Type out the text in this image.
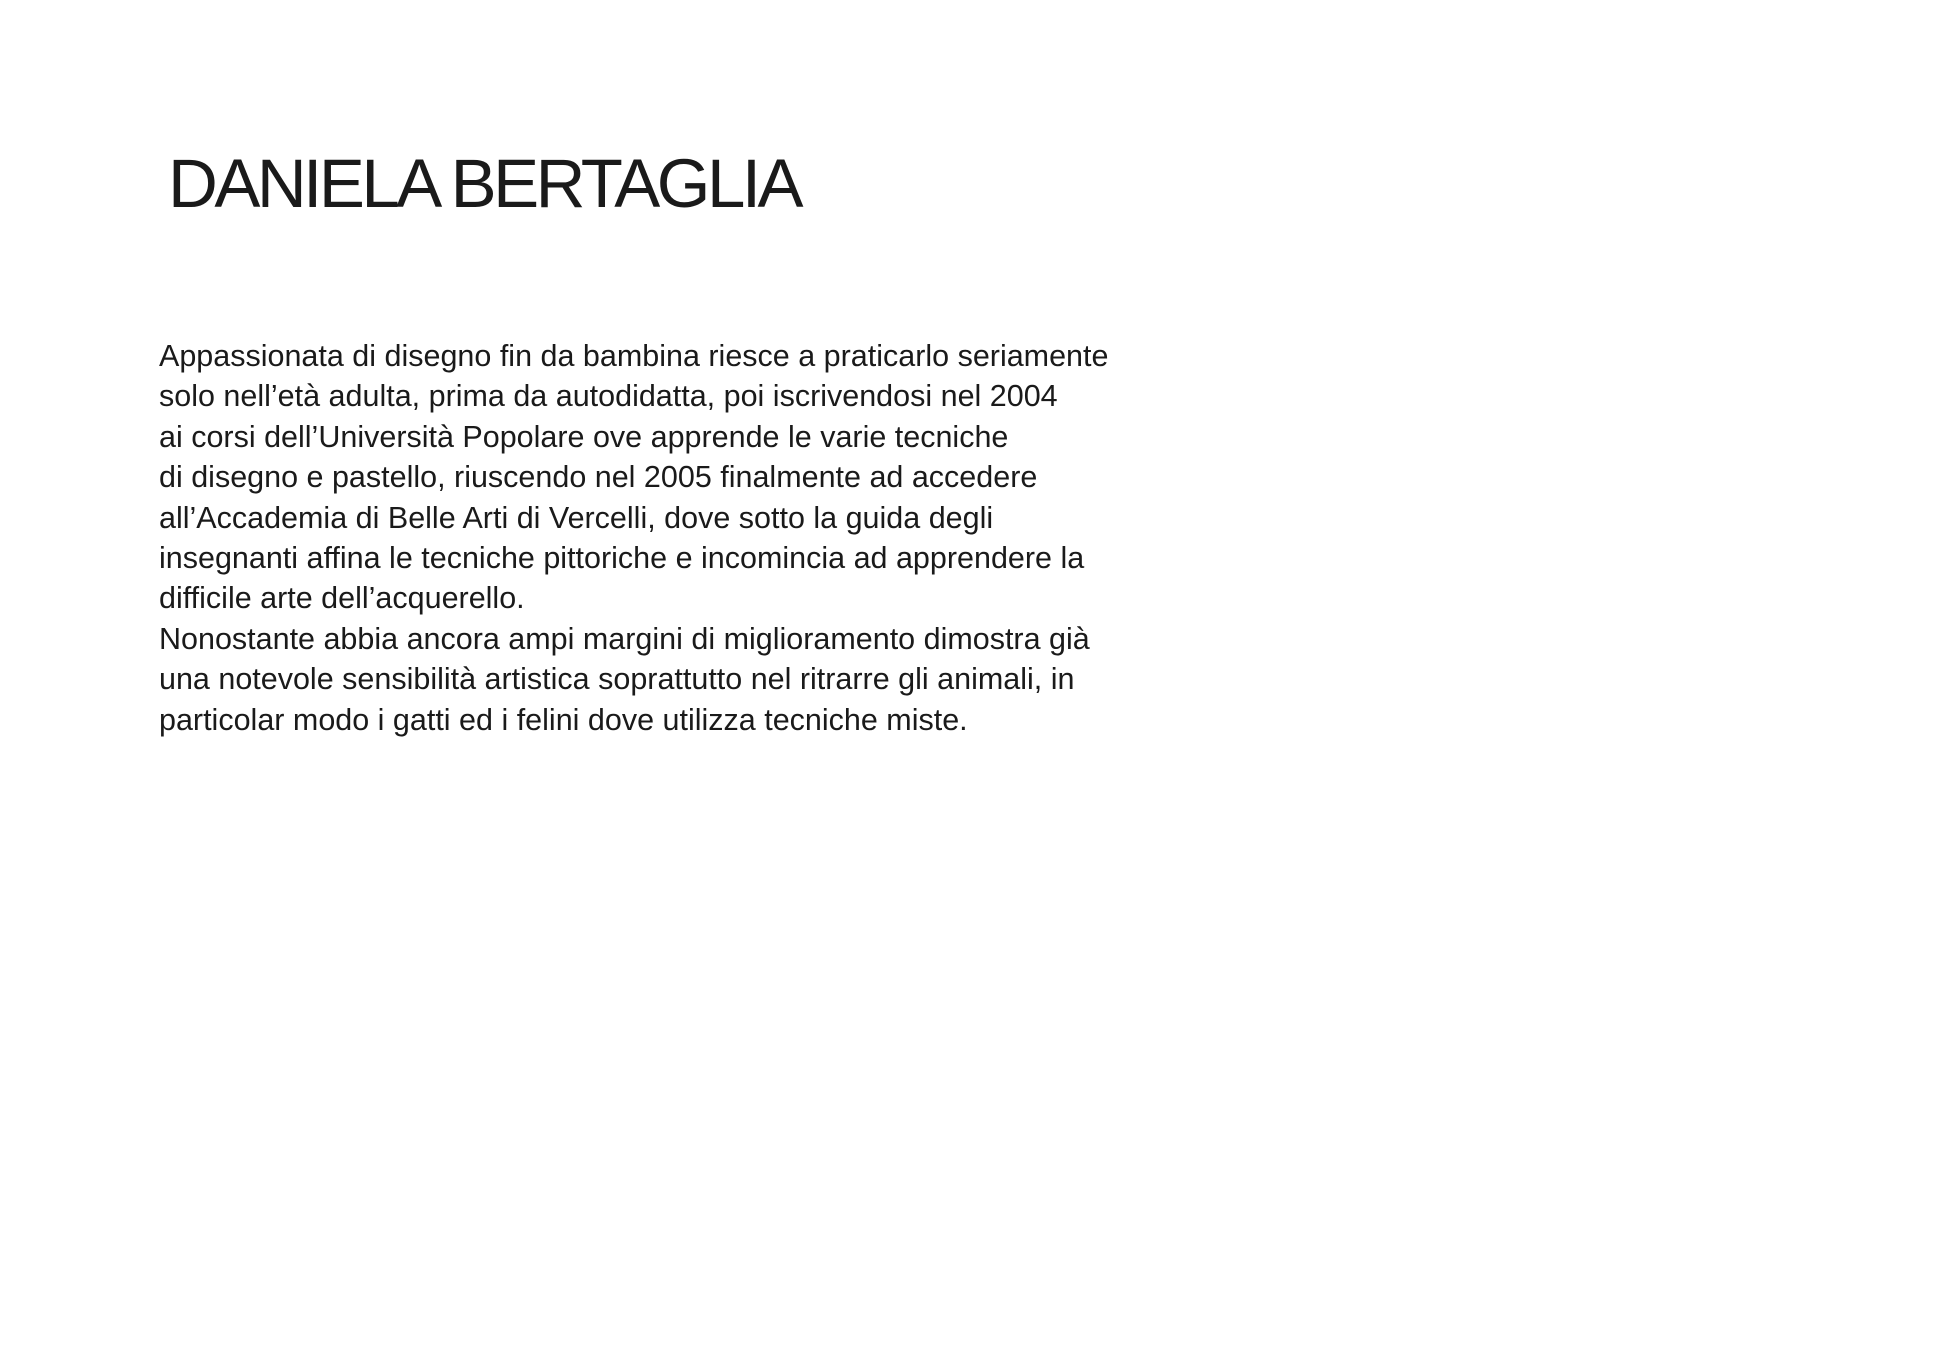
DANIELA BERTAGLIA
Appassionata di disegno fin da bambina riesce a praticarlo seriamente
solo nell’età adulta, prima da autodidatta, poi iscrivendosi nel 2004
ai corsi dell’Università Popolare ove apprende le varie tecniche
di disegno e pastello, riuscendo nel 2005 finalmente ad accedere
all’Accademia di Belle Arti di Vercelli, dove sotto la guida degli
insegnanti affina le tecniche pittoriche e incomincia ad apprendere la
difficile arte dell’acquerello.
Nonostante abbia ancora ampi margini di miglioramento dimostra già
una notevole sensibilità artistica soprattutto nel ritrarre gli animali, in
particolar modo i gatti ed i felini dove utilizza tecniche miste.
